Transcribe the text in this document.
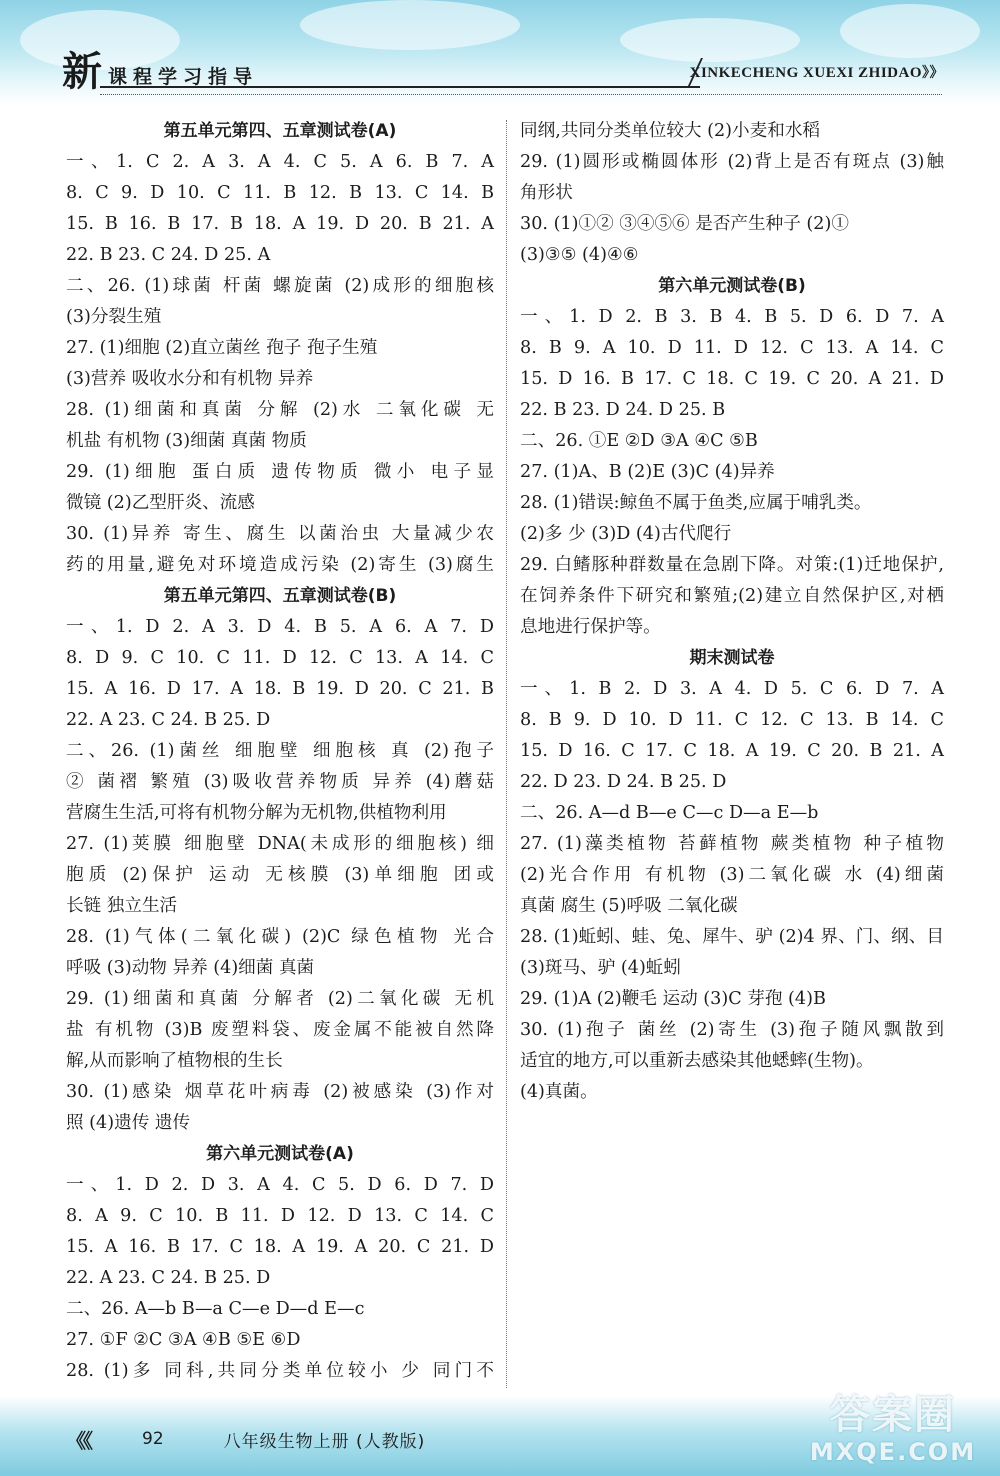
新 课程学习指导	XINKECHENG XUEXI ZHIDAO》》
第五单元第四、五章测试卷(A)
一、1. C 2. A 3. A 4. C 5. A 6. B 7. A
8. C 9. D 10. C 11. B 12. B 13. C 14. B
15. B 16. B 17. B 18. A 19. D 20. B 21. A
22. B 23. C 24. D 25. A
二、26. (1)球菌 杆菌 螺旋菌 (2)成形的细胞核
(3)分裂生殖
27. (1)细胞 (2)直立菌丝 孢子 孢子生殖
(3)营养 吸收水分和有机物 异养
28. (1)细菌和真菌 分解 (2)水 二氧化碳 无
机盐 有机物 (3)细菌 真菌 物质
29. (1)细胞 蛋白质 遗传物质 微小 电子显
微镜 (2)乙型肝炎、流感
30. (1)异养 寄生、腐生 以菌治虫 大量减少农
药的用量,避免对环境造成污染 (2)寄生 (3)腐生
第五单元第四、五章测试卷(B)
一、1. D 2. A 3. D 4. B 5. A 6. A 7. D
8. D 9. C 10. C 11. D 12. C 13. A 14. C
15. A 16. D 17. A 18. B 19. D 20. C 21. B
22. A 23. C 24. B 25. D
二、26. (1)菌丝 细胞壁 细胞核 真 (2)孢子
② 菌褶 繁殖 (3)吸收营养物质 异养 (4)蘑菇
营腐生生活,可将有机物分解为无机物,供植物利用
27. (1)荚膜 细胞壁 DNA(未成形的细胞核) 细
胞质 (2)保护 运动 无核膜 (3)单细胞 团或
长链 独立生活
28. (1)气体(二氧化碳) (2)C 绿色植物 光合
呼吸 (3)动物 异养 (4)细菌 真菌
29. (1)细菌和真菌 分解者 (2)二氧化碳 无机
盐 有机物 (3)B 废塑料袋、废金属不能被自然降
解,从而影响了植物根的生长
30. (1)感染 烟草花叶病毒 (2)被感染 (3)作对
照 (4)遗传 遗传
第六单元测试卷(A)
一、1. D 2. D 3. A 4. C 5. D 6. D 7. D
8. A 9. C 10. B 11. D 12. D 13. C 14. C
15. A 16. B 17. C 18. A 19. A 20. C 21. D
22. A 23. C 24. B 25. D
二、26. A—b B—a C—e D—d E—c
27. ①F ②C ③A ④B ⑤E ⑥D
28. (1)多 同科,共同分类单位较小 少 同门不
同纲,共同分类单位较大 (2)小麦和水稻
29. (1)圆形或椭圆体形 (2)背上是否有斑点 (3)触
角形状
30. (1)①② ③④⑤⑥ 是否产生种子 (2)①
(3)③⑤ (4)④⑥
第六单元测试卷(B)
一、1. D 2. B 3. B 4. B 5. D 6. D 7. A
8. B 9. A 10. D 11. D 12. C 13. A 14. C
15. D 16. B 17. C 18. C 19. C 20. A 21. D
22. B 23. D 24. D 25. B
二、26. ①E ②D ③A ④C ⑤B
27. (1)A、B (2)E (3)C (4)异养
28. (1)错误:鲸鱼不属于鱼类,应属于哺乳类。
(2)多 少 (3)D (4)古代爬行
29. 白鳍豚种群数量在急剧下降。对策:(1)迁地保护,
在饲养条件下研究和繁殖;(2)建立自然保护区,对栖
息地进行保护等。
期末测试卷
一、1. B 2. D 3. A 4. D 5. C 6. D 7. A
8. B 9. D 10. D 11. C 12. C 13. B 14. C
15. D 16. C 17. C 18. A 19. C 20. B 21. A
22. D 23. D 24. B 25. D
二、26. A—d B—e C—c D—a E—b
27. (1)藻类植物 苔藓植物 蕨类植物 种子植物
(2)光合作用 有机物 (3)二氧化碳 水 (4)细菌
真菌 腐生 (5)呼吸 二氧化碳
28. (1)蚯蚓、蛙、兔、犀牛、驴 (2)4 界、门、纲、目
(3)斑马、驴 (4)蚯蚓
29. (1)A (2)鞭毛 运动 (3)C 芽孢 (4)B
30. (1)孢子 菌丝 (2)寄生 (3)孢子随风飘散到
适宜的地方,可以重新去感染其他蟋蟀(生物)。
(4)真菌。
《《	92	八年级生物上册 (人教版)
答案圈
MXQE.COM
